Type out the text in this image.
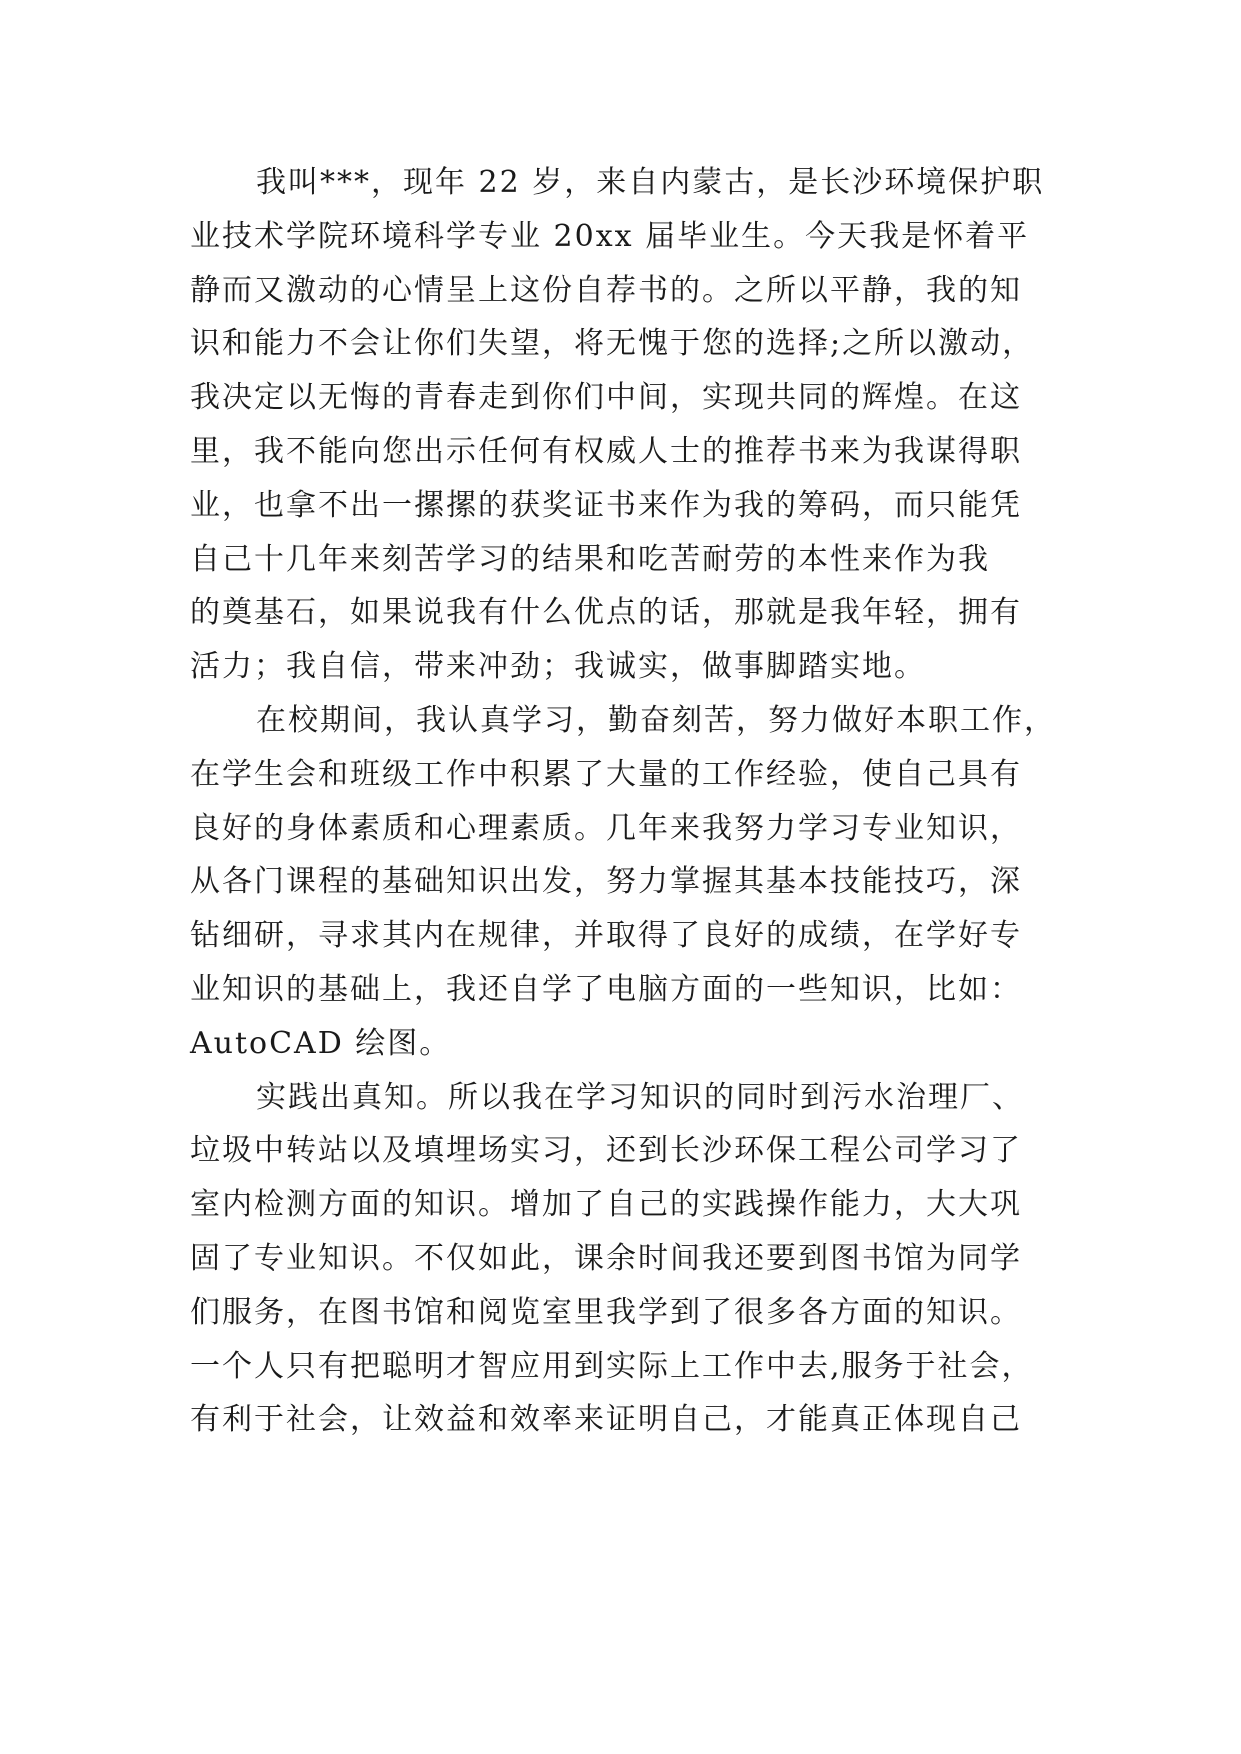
我叫***，现年 22 岁，来自内蒙古，是长沙环境保护职
业技术学院环境科学专业 20xx 届毕业生。今天我是怀着平
静而又激动的心情呈上这份自荐书的。之所以平静，我的知
识和能力不会让你们失望，将无愧于您的选择;之所以激动，
我决定以无悔的青春走到你们中间，实现共同的辉煌。在这
里，我不能向您出示任何有权威人士的推荐书来为我谋得职
业，也拿不出一摞摞的获奖证书来作为我的筹码，而只能凭
自己十几年来刻苦学习的结果和吃苦耐劳的本性来作为我
的奠基石，如果说我有什么优点的话，那就是我年轻，拥有
活力；我自信，带来冲劲；我诚实，做事脚踏实地。
在校期间，我认真学习，勤奋刻苦，努力做好本职工作，
在学生会和班级工作中积累了大量的工作经验，使自己具有
良好的身体素质和心理素质。几年来我努力学习专业知识，
从各门课程的基础知识出发，努力掌握其基本技能技巧，深
钻细研，寻求其内在规律，并取得了良好的成绩，在学好专
业知识的基础上，我还自学了电脑方面的一些知识，比如：
AutoCAD 绘图。
实践出真知。所以我在学习知识的同时到污水治理厂、
垃圾中转站以及填埋场实习，还到长沙环保工程公司学习了
室内检测方面的知识。增加了自己的实践操作能力，大大巩
固了专业知识。不仅如此，课余时间我还要到图书馆为同学
们服务，在图书馆和阅览室里我学到了很多各方面的知识。
一个人只有把聪明才智应用到实际上工作中去,服务于社会，
有利于社会，让效益和效率来证明自己，才能真正体现自己
